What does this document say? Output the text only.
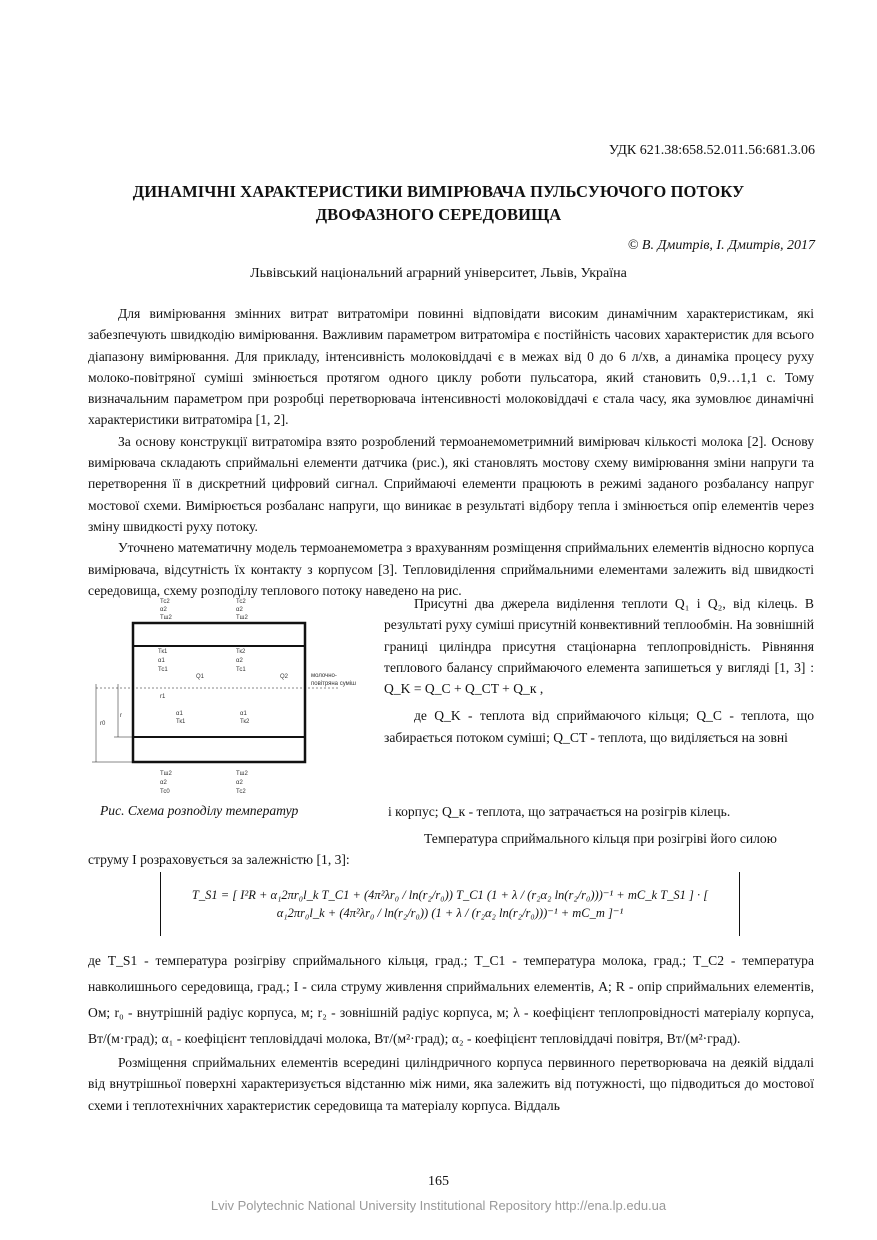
УДК 621.38:658.52.011.56:681.3.06
ДИНАМІЧНІ ХАРАКТЕРИСТИКИ ВИМІРЮВАЧА ПУЛЬСУЮЧОГО ПОТОКУ
ДВОФАЗНОГО СЕРЕДОВИЩА
© В. Дмитрів, І. Дмитрів, 2017
Львівський національний аграрний університет, Львів, Україна

Для вимірювання змінних витрат витратоміри повинні відповідати високим динамічним характеристикам, які забезпечують швидкодію вимірювання. Важливим параметром витратоміра є постійність часових характеристик для всього діапазону вимірювання. Для прикладу, інтенсивність молоковіддачі є в межах від 0 до 6 л/хв, а динаміка процесу руху молоко-повітряної суміші змінюється протягом одного циклу роботи пульсатора, який становить 0,9…1,1 с. Тому визначальним параметром при розробці перетворювача інтенсивності молоковіддачі є стала часу, яка зумовлює динамічні характеристики витратоміра [1, 2].

За основу конструкції витратоміра взято розроблений термоанемометримний вимірювач кількості молока [2]. Основу вимірювача складають сприймальні елементи датчика (рис.), які становлять мостову схему вимірювання зміни напруги та перетворення її в дискретний цифровий сигнал. Сприймаючі елементи працюють в режимі заданого розбалансу напруг мостової схеми. Вимірюється розбаланс напруги, що виникає в результаті відбору тепла і змінюється опір елементів через зміну швидкості руху потоку.

Уточнено математичну модель термоанемометра з врахуванням розміщення сприймальних елементів відносно корпуса вимірювача, відсутність їх контакту з корпусом [3]. Тепловиділення сприймальними елементами залежить від швидкості середовища, схему розподілу теплового потоку наведено на рис.

Тс2
α2
Тш2
Тс2
α2
Тш2
Тк1
α1
Тс1
Тк2
α2
Тс1
Q1	Q2	молочно-
повітряна суміш
r1
r0
r	α1
Тк1
α1
Тк2
Тш2
α2
Тс0
Тш2
α2
Тс2

Присутні два джерела виділення теплоти Q₁ і Q₂, від кілець. В результаті руху суміші присутній конвективний теплообмін. На зовнішній границі циліндра присутня стаціонарна теплопровідність. Рівняння теплового балансу сприймаючого елемента запишеться у вигляді [1, 3] : Q_K = Q_C + Q_CT + Q_к ,

де Q_K - теплота від сприймаючого кільця; Q_C - теплота, що забирається потоком суміші; Q_CT - теплота, що виділяється на зовні

Рис. Схема розподілу температур	і корпус; Q_к - теплота, що затрачається на розігрів кілець.
Температура сприймального кільця при розігріві його силою
струму I розраховується за залежністю [1, 3]:
T_S1 = [ I²R + α₁2πr₀l_k T_C1 + (4π²λr₀ / ln(r₂/r₀)) T_C1 (1 + λ / (r₂α₂ ln(r₂/r₀)))⁻¹ + mC_k T_S1 ] · [ α₁2πr₀l_k + (4π²λr₀ / ln(r₂/r₀)) (1 + λ / (r₂α₂ ln(r₂/r₀)))⁻¹ + mC_m ]⁻¹

де T_S1 - температура розігріву сприймального кільця, град.; T_C1 - температура молока, град.; T_C2 - температура навколишнього середовища, град.; I - сила струму живлення сприймальних елементів, А; R - опір сприймальних елементів, Ом; r₀ - внутрішній радіус корпуса, м; r₂ - зовнішній радіус корпуса, м; λ - коефіцієнт теплопровідності матеріалу корпуса, Вт/(м·град); α₁ - коефіцієнт тепловіддачі молока, Вт/(м²·град); α₂ - коефіцієнт тепловіддачі повітря, Вт/(м²·град).

Розміщення сприймальних елементів всередині циліндричного корпуса первинного перетворювача на деякій віддалі від внутрішньої поверхні характеризується відстанню між ними, яка залежить від потужності, що підводиться до мостової схеми і теплотехнічних характеристик середовища та матеріалу корпуса. Віддаль

165
Lviv Polytechnic National University Institutional Repository http://ena.lp.edu.ua
